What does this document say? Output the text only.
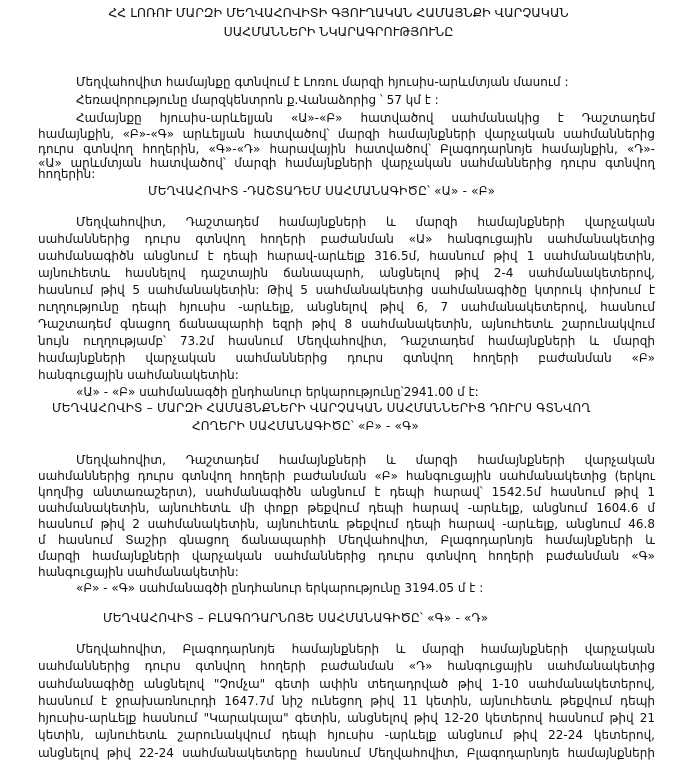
ՀՀ ԼՈՌՈՒ ՄԱՐԶԻ ՄԵՂՎԱՀՈՎԻՏԻ ԳՅՈՒՂԱԿԱՆ ՀԱՄԱՅՆՔԻ ՎԱՐՉԱԿԱՆ
ՍԱՀՄԱՆՆԵՐԻ ՆԿԱՐԱԳՐՈՒԹՅՈՒՆԸ
Մեղվահովիտ համայնքը գտնվում է Լոռու մարզի հյուսիս-արևմտյան մասում :
Հեռավորությունը մարզկենտրոն ք.Վանաձորից ՝ 57 կմ է :
Համայնքը հյուսիս-արևելյան «Ա»-«Բ» հատվածով սահմանակից է Դաշտադեմ
համայնքին, «Բ»-«Գ» արևելյան հատվածով՝ մարզի համայնքների վարչական սահմաններից
դուրս գտնվող հողերին, «Գ»-«Դ» հարավային հատվածով՝ Բլագոդարնոյե համայնքին, «Դ»-
«Ա» արևմտյան հատվածով՝ մարզի համայնքների վարչական սահմաններից դուրս գտնվող
հողերին:
ՄԵՂՎԱՀՈՎԻՏ -ԴԱՇՏԱԴԵՄ ՍԱՀՄԱՆԱԳԻԾԸ՝ «Ա» - «Բ»
Մեղվահովիտ, Դաշտադեմ համայնքների և մարզի համայնքների վարչական
սահմաններից դուրս գտնվող հողերի բաժանման «Ա» հանգուցային սահմանակետից
սահմանագիծն անցնում է դեպի հարավ-արևելք 316.5մ, հասնում թիվ 1 սահմանակետին,
այնուհետև հասնելով դաշտային ճանապարհ, անցնելով թիվ 2-4 սահմանակետերով,
հասնում թիվ 5 սահմանակետին: Թիվ 5 սահմանակետից սահմանագիծը կտրուկ փոխում է
ուղղությունը դեպի հյուսիս -արևելք, անցնելով թիվ 6, 7 սահմանակետերով, հասնում
Դաշտադեմ գնացող ճանապարհի եզրի թիվ 8 սահմանակետին, այնուհետև շարունակվում
նույն ուղղությամբ՝ 73.2մ հասնում Մեղվահովիտ, Դաշտադեմ համայնքների և մարզի
համայնքների վարչական սահմաններից դուրս գտնվող հողերի բաժանման «Բ»
հանգուցային սահմանակետին:
«Ա» - «Բ» սահմանագծի ընդհանուր երկարությունը՝2941.00 մ է:
ՄԵՂՎԱՀՈՎԻՏ – ՄԱՐԶԻ ՀԱՄԱՅՆՔՆԵՐԻ ՎԱՐՉԱԿԱՆ ՍԱՀՄԱՆՆԵՐԻՑ ԴՈՒՐՍ ԳՏՆՎՈՂ
ՀՈՂԵՐԻ ՍԱՀՄԱՆԱԳԻԾԸ՝ «Բ» - «Գ»
Մեղվահովիտ, Դաշտադեմ համայնքների և մարզի համայնքների վարչական
սահմաններից դուրս գտնվող հողերի բաժանման «Բ» հանգուցային սահմանակետից (երկու
կողմից անտառաշերտ), սահմանագիծն անցնում է դեպի հարավ՝ 1542.5մ հասնում թիվ 1
սահմանակետին, այնուհետև մի փոքր թեքվում դեպի հարավ -արևելք, անցնում 1604.6 մ
հասնում թիվ 2 սահմանակետին, այնուհետև թեքվում դեպի հարավ -արևելք, անցնում 46.8
մ հասնում Տաշիր գնացող ճանապարհի Մեղվահովիտ, Բլագոդարնոյե համայնքների և
մարզի համայնքների վարչական սահմաններից դուրս գտնվող հողերի բաժանման «Գ»
հանգուցային սահմանակետին:
«Բ» - «Գ» սահմանագծի ընդհանուր երկարությունը 3194.05 մ է :
ՄԵՂՎԱՀՈՎԻՏ – ԲԼԱԳՈԴԱՐՆՈՅԵ ՍԱՀՄԱՆԱԳԻԾԸ՝ «Գ» - «Դ»
Մեղվահովիտ, Բլագոդարնոյե համայնքների և մարզի համայնքների վարչական
սահմաններից դուրս գտնվող հողերի բաժանման «Դ» հանգուցային սահմանակետից
սահմանագիծը անցնելով "Չոմչա" գետի ափին տեղադրված թիվ 1-10 սահմանակետերով,
հասնում է ջրախառնուրդի 1647.7մ նիշ ունեցող թիվ 11 կետին, այնուհետև թեքվում դեպի
հյուսիս-արևելք հասնում "Կարակալա" գետին, անցնելով թիվ 12-20 կետերով հասնում թիվ 21
կետին, այնուհետև շարունակվում դեպի հյուսիս -արևելք անցնում թիվ 22-24 կետերով,
անցնելով թիվ 22-24 սահմանակետերը հասնում Մեղվահովիտ, Բլագոդարնոյե համայնքների
